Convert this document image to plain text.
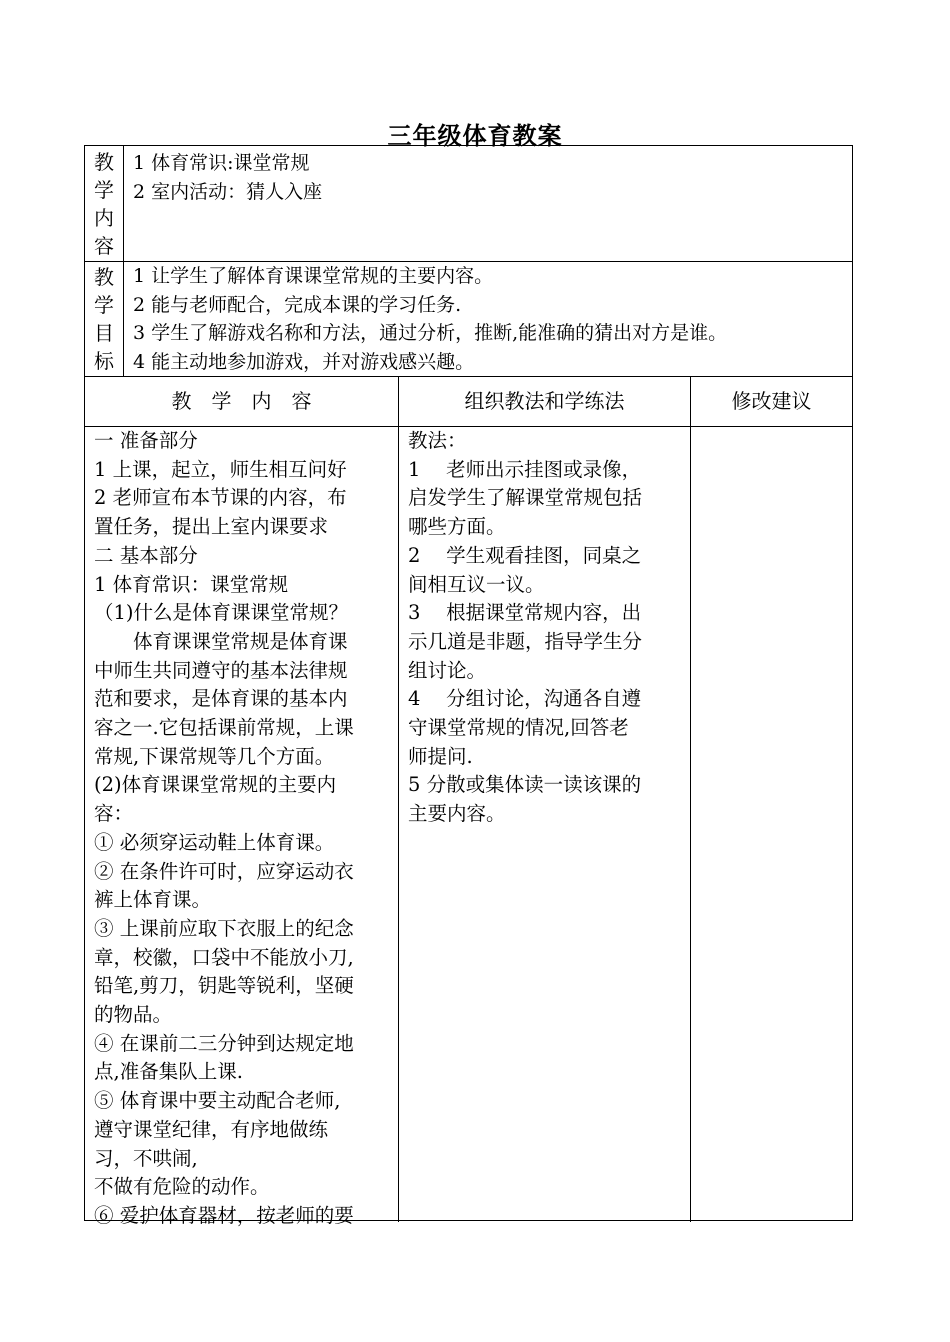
三年级体育教案
教
学
内
容
1 体育常识:课堂常规
2 室内活动：猜人入座
教
学
目
标
1 让学生了解体育课课堂常规的主要内容。
2 能与老师配合，完成本课的学习任务.
3 学生了解游戏名称和方法，通过分析，推断,能准确的猜出对方是谁。
4 能主动地参加游戏，并对游戏感兴趣。
教　学　内　容	组织教法和学练法	修改建议
一 准备部分
1 上课，起立，师生相互问好
2 老师宣布本节课的内容，布
置任务，提出上室内课要求
二 基本部分
1 体育常识：课堂常规
（1)什么是体育课课堂常规？
　　体育课课堂常规是体育课
中师生共同遵守的基本法律规
范和要求，是体育课的基本内
容之一.它包括课前常规，上课
常规,下课常规等几个方面。
(2)体育课课堂常规的主要内
容：
① 必须穿运动鞋上体育课。
② 在条件许可时，应穿运动衣
裤上体育课。
③ 上课前应取下衣服上的纪念
章，校徽，口袋中不能放小刀,
铅笔,剪刀，钥匙等锐利，坚硬
的物品。
④ 在课前二三分钟到达规定地
点,准备集队上课.
⑤ 体育课中要主动配合老师,
遵守课堂纪律，有序地做练
习，不哄闹,
不做有危险的动作。
⑥ 爱护体育器材，按老师的要
教法：
1　 老师出示挂图或录像，
启发学生了解课堂常规包括
哪些方面。
2　 学生观看挂图，同桌之
间相互议一议。
3　 根据课堂常规内容，出
示几道是非题，指导学生分
组讨论。
4　 分组讨论，沟通各自遵
守课堂常规的情况,回答老
师提问.
5 分散或集体读一读该课的
主要内容。
